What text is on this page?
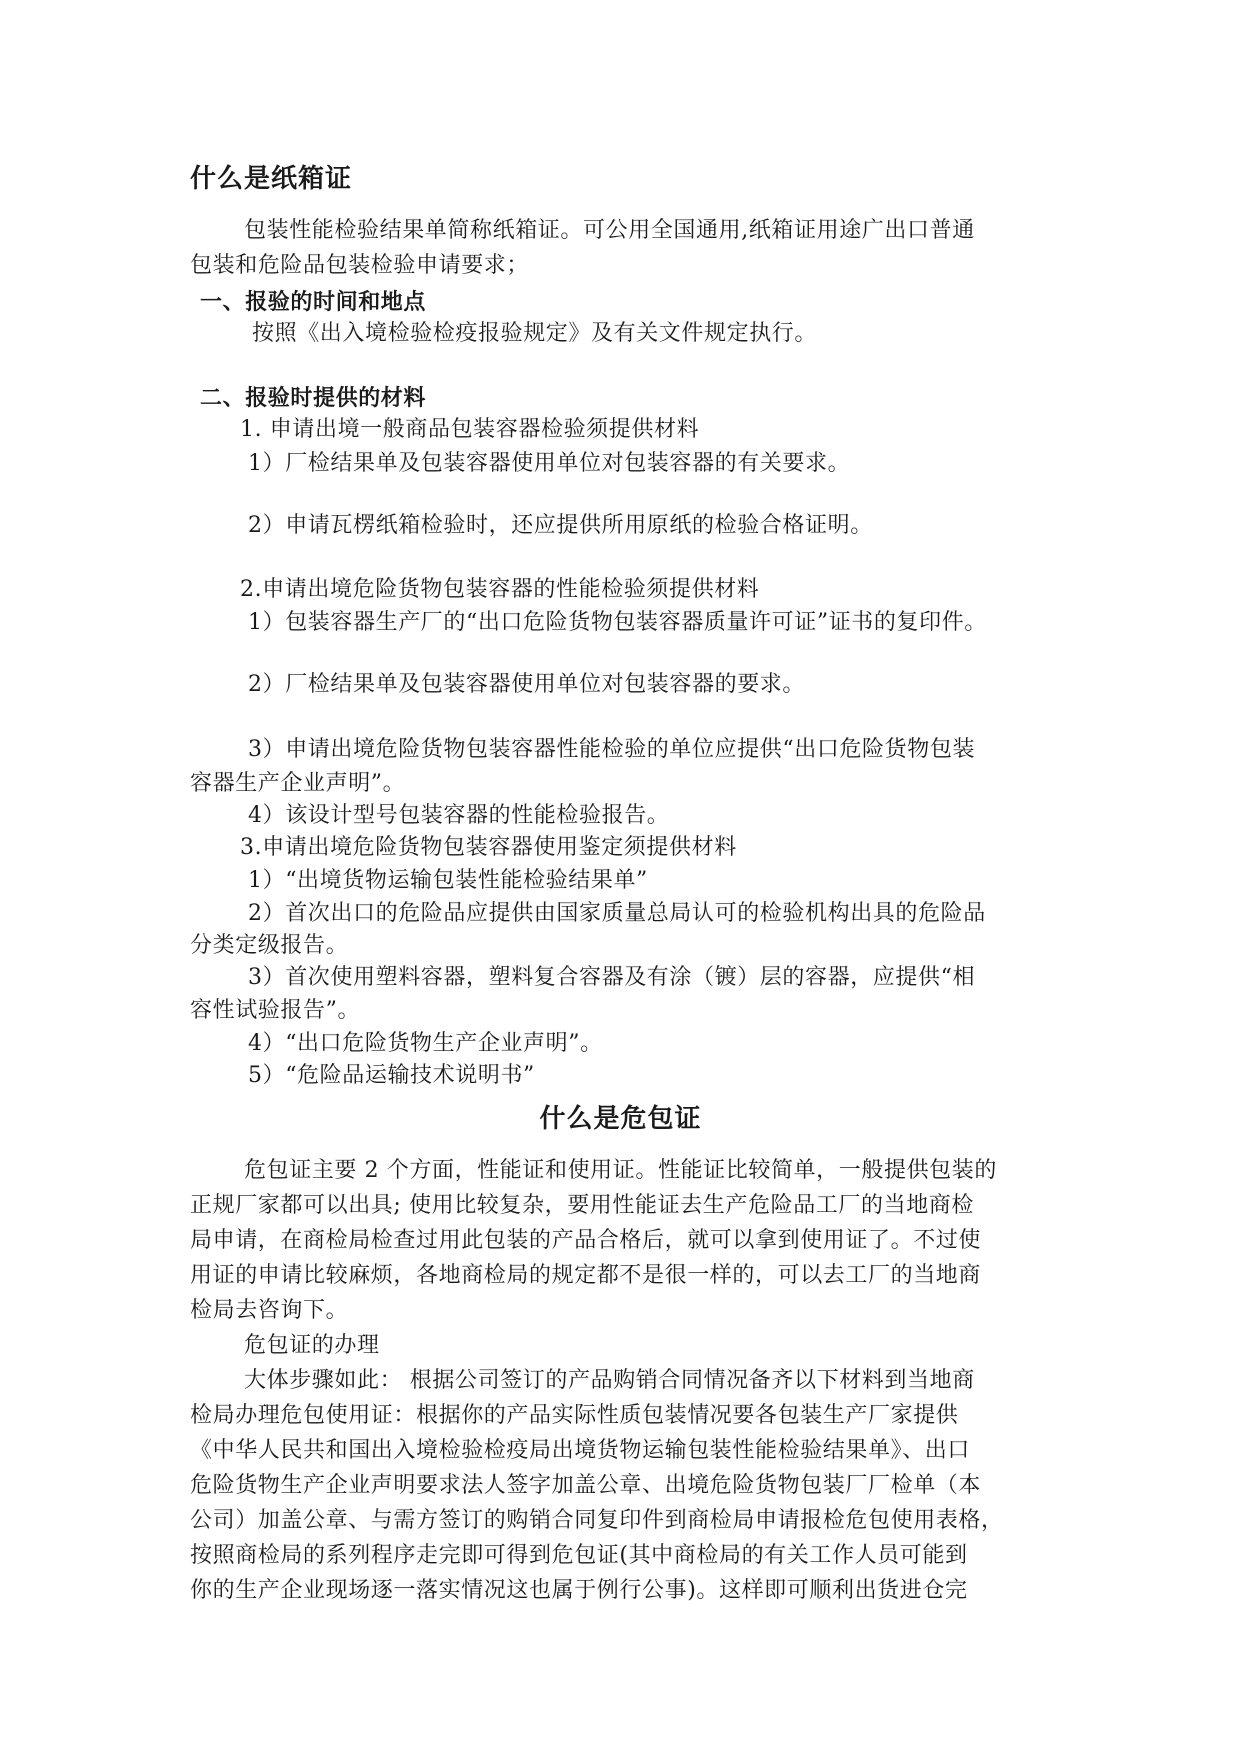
什么是纸箱证
包装性能检验结果单简称纸箱证。可公用全国通用,纸箱证用途广出口普通
包装和危险品包装检验申请要求；
一、报验的时间和地点
按照《出入境检验检疫报验规定》及有关文件规定执行。
二、报验时提供的材料
1. 申请出境一般商品包装容器检验须提供材料
1）厂检结果单及包装容器使用单位对包装容器的有关要求。
2）申请瓦楞纸箱检验时，还应提供所用原纸的检验合格证明。
2.申请出境危险货物包装容器的性能检验须提供材料
1）包装容器生产厂的“出口危险货物包装容器质量许可证”证书的复印件。
2）厂检结果单及包装容器使用单位对包装容器的要求。
3）申请出境危险货物包装容器性能检验的单位应提供“出口危险货物包装
容器生产企业声明”。
4）该设计型号包装容器的性能检验报告。
3.申请出境危险货物包装容器使用鉴定须提供材料
1）“出境货物运输包装性能检验结果单”
2）首次出口的危险品应提供由国家质量总局认可的检验机构出具的危险品
分类定级报告。
3）首次使用塑料容器，塑料复合容器及有涂（镀）层的容器，应提供“相
容性试验报告”。
4）“出口危险货物生产企业声明”。
5）“危险品运输技术说明书”
什么是危包证
危包证主要 2 个方面，性能证和使用证。性能证比较简单，一般提供包装的
正规厂家都可以出具; 使用比较复杂，要用性能证去生产危险品工厂的当地商检
局申请，在商检局检查过用此包装的产品合格后，就可以拿到使用证了。不过使
用证的申请比较麻烦，各地商检局的规定都不是很一样的，可以去工厂的当地商
检局去咨询下。
危包证的办理
大体步骤如此： 根据公司签订的产品购销合同情况备齐以下材料到当地商
检局办理危包使用证：根据你的产品实际性质包装情况要各包装生产厂家提供
《中华人民共和国出入境检验检疫局出境货物运输包装性能检验结果单》、出口
危险货物生产企业声明要求法人签字加盖公章、出境危险货物包装厂厂检单（本
公司）加盖公章、与需方签订的购销合同复印件到商检局申请报检危包使用表格，
按照商检局的系列程序走完即可得到危包证(其中商检局的有关工作人员可能到
你的生产企业现场逐一落实情况这也属于例行公事)。这样即可顺利出货进仓完
